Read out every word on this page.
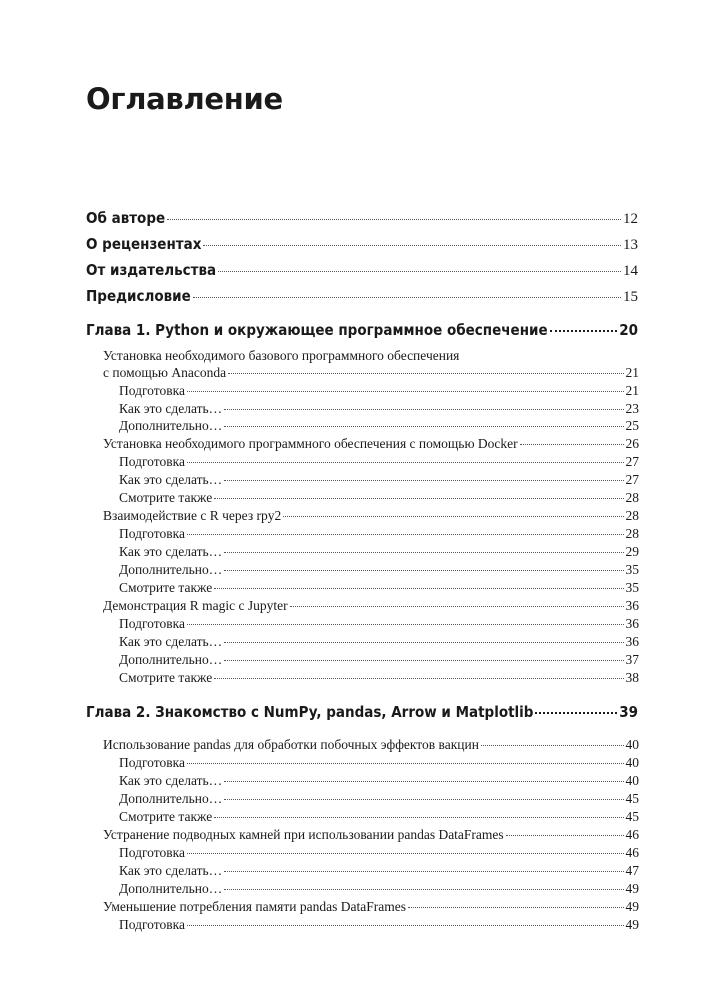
Оглавление
Об авторе	12
О рецензентах	13
От издательства	14
Предисловие	15
Глава 1. Python и окружающее программное обеспечение	20
Установка необходимого базового программного обеспечения
с помощью Anaconda	21
Подготовка	21
Как это сделать…	23
Дополнительно…	25
Установка необходимого программного обеспечения с помощью Docker	26
Подготовка	27
Как это сделать…	27
Смотрите также	28
Взаимодействие с R через rpy2	28
Подготовка	28
Как это сделать…	29
Дополнительно…	35
Смотрите также	35
Демонстрация R magic с Jupyter	36
Подготовка	36
Как это сделать…	36
Дополнительно…	37
Смотрите также	38
Глава 2. Знакомство с NumPy, pandas, Arrow и Matplotlib	39
Использование pandas для обработки побочных эффектов вакцин	40
Подготовка	40
Как это сделать…	40
Дополнительно…	45
Смотрите также	45
Устранение подводных камней при использовании pandas DataFrames	46
Подготовка	46
Как это сделать…	47
Дополнительно…	49
Уменьшение потребления памяти pandas DataFrames	49
Подготовка	49
